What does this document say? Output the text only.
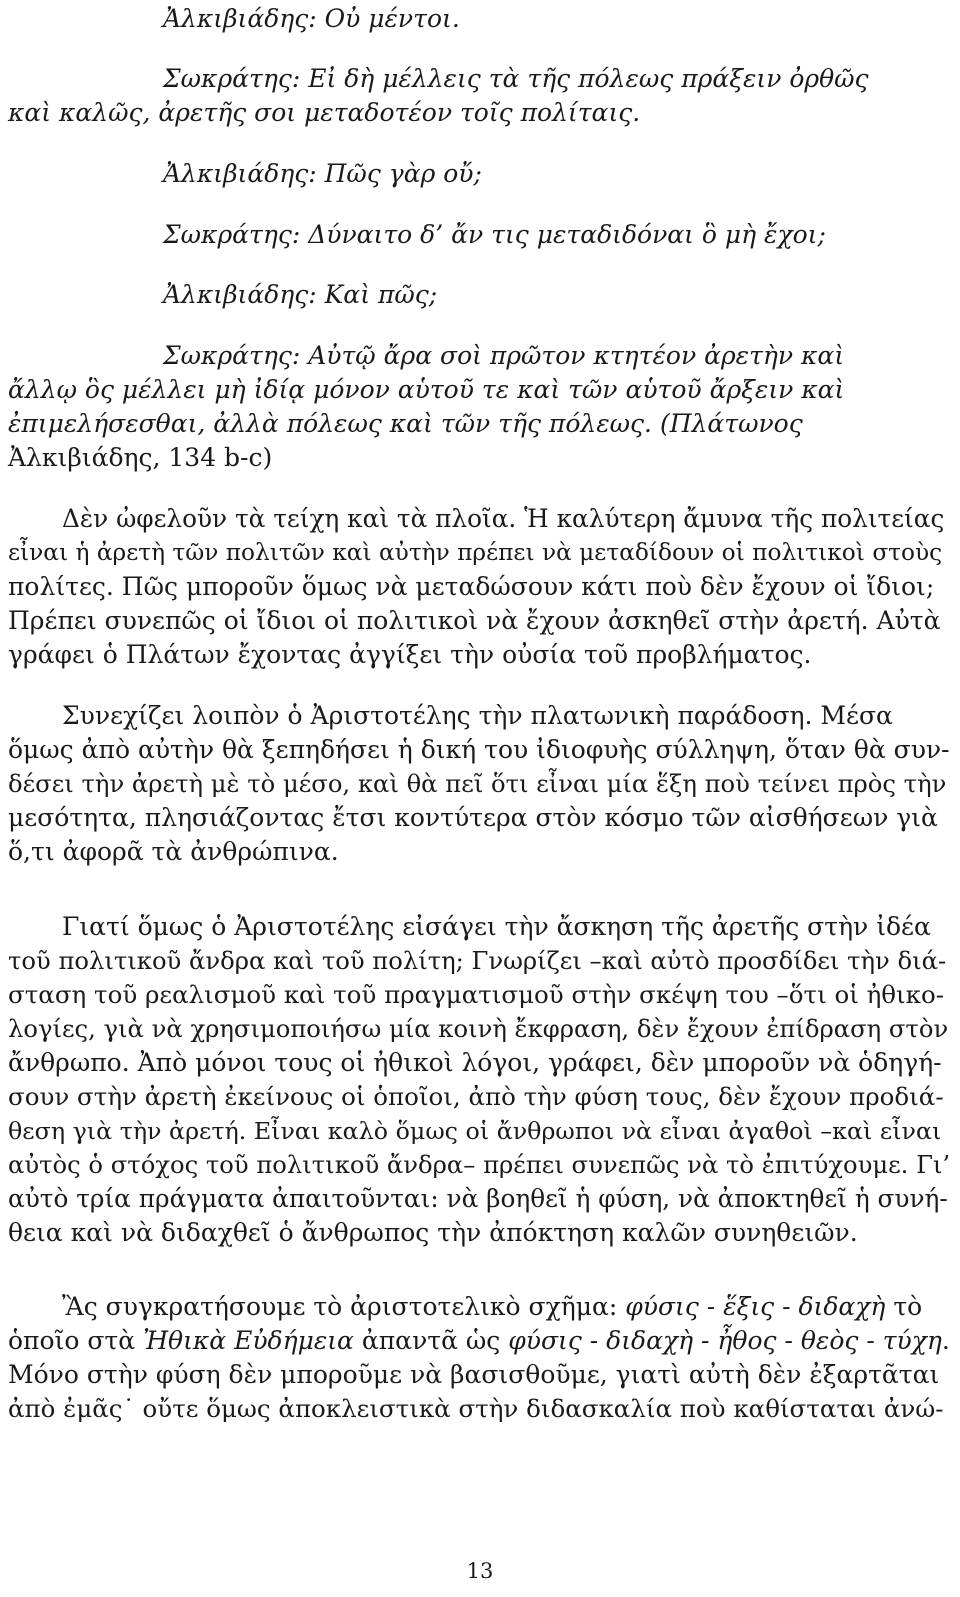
Ἀλκιβιάδης: Οὐ μέντοι.
Σωκράτης: Εἰ δὴ μέλλεις τὰ τῆς πόλεως πράξειν ὀρθῶς
καὶ καλῶς, ἀρετῆς σοι μεταδοτέον τοῖς πολίταις.
Ἀλκιβιάδης: Πῶς γὰρ οὔ;
Σωκράτης: Δύναιτο δ’ ἄν τις μεταδιδόναι ὃ μὴ ἔχοι;
Ἀλκιβιάδης: Καὶ πῶς;
Σωκράτης: Αὐτῷ ἄρα σοὶ πρῶτον κτητέον ἀρετὴν καὶ
ἄλλῳ ὃς μέλλει μὴ ἰδίᾳ μόνον αὑτοῦ τε καὶ τῶν αὑτοῦ ἄρξειν καὶ
ἐπιμελήσεσθαι, ἀλλὰ πόλεως καὶ τῶν τῆς πόλεως. (Πλάτωνος
Ἀλκιβιάδης, 134 b-c)
Δὲν ὠφελοῦν τὰ τείχη καὶ τὰ πλοῖα. Ἡ καλύτερη ἄμυνα τῆς πολιτείας
εἶναι ἡ ἀρετὴ τῶν πολιτῶν καὶ αὐτὴν πρέπει νὰ μεταδίδουν οἱ πολιτικοὶ στοὺς
πολίτες. Πῶς μποροῦν ὅμως νὰ μεταδώσουν κάτι ποὺ δὲν ἔχουν οἱ ἴδιοι;
Πρέπει συνεπῶς οἱ ἴδιοι οἱ πολιτικοὶ νὰ ἔχουν ἀσκηθεῖ στὴν ἀρετή. Αὐτὰ
γράφει ὁ Πλάτων ἔχοντας ἀγγίξει τὴν οὐσία τοῦ προβλήματος.
Συνεχίζει λοιπὸν ὁ Ἀριστοτέλης τὴν πλατωνικὴ παράδοση. Μέσα
ὅμως ἀπὸ αὐτὴν θὰ ξεπηδήσει ἡ δική του ἰδιοφυὴς σύλληψη, ὅταν θὰ συν-
δέσει τὴν ἀρετὴ μὲ τὸ μέσο, καὶ θὰ πεῖ ὅτι εἶναι μία ἕξη ποὺ τείνει πρὸς τὴν
μεσότητα, πλησιάζοντας ἔτσι κοντύτερα στὸν κόσμο τῶν αἰσθήσεων γιὰ
ὅ,τι ἀφορᾶ τὰ ἀνθρώπινα.
Γιατί ὅμως ὁ Ἀριστοτέλης εἰσάγει τὴν ἄσκηση τῆς ἀρετῆς στὴν ἰδέα
τοῦ πολιτικοῦ ἄνδρα καὶ τοῦ πολίτη; Γνωρίζει –καὶ αὐτὸ προσδίδει τὴν διά-
σταση τοῦ ρεαλισμοῦ καὶ τοῦ πραγματισμοῦ στὴν σκέψη του –ὅτι οἱ ἠθικο-
λογίες, γιὰ νὰ χρησιμοποιήσω μία κοινὴ ἔκφραση, δὲν ἔχουν ἐπίδραση στὸν
ἄνθρωπο. Ἀπὸ μόνοι τους οἱ ἠθικοὶ λόγοι, γράφει, δὲν μποροῦν νὰ ὁδηγή-
σουν στὴν ἀρετὴ ἐκείνους οἱ ὁποῖοι, ἀπὸ τὴν φύση τους, δὲν ἔχουν προδιά-
θεση γιὰ τὴν ἀρετή. Εἶναι καλὸ ὅμως οἱ ἄνθρωποι νὰ εἶναι ἀγαθοὶ –καὶ εἶναι
αὐτὸς ὁ στόχος τοῦ πολιτικοῦ ἄνδρα– πρέπει συνεπῶς νὰ τὸ ἐπιτύχουμε. Γι’
αὐτὸ τρία πράγματα ἀπαιτοῦνται: νὰ βοηθεῖ ἡ φύση, νὰ ἀποκτηθεῖ ἡ συνή-
θεια καὶ νὰ διδαχθεῖ ὁ ἄνθρωπος τὴν ἀπόκτηση καλῶν συνηθειῶν.
Ἂς συγκρατήσουμε τὸ ἀριστοτελικὸ σχῆμα: φύσις - ἕξις - διδαχὴ τὸ
ὁποῖο στὰ Ἠθικὰ Εὐδήμεια ἀπαντᾶ ὡς φύσις - διδαχὴ - ἦθος - θεὸς - τύχη.
Μόνο στὴν φύση δὲν μποροῦμε νὰ βασισθοῦμε, γιατὶ αὐτὴ δὲν ἐξαρτᾶται
ἀπὸ ἐμᾶς˙ οὔτε ὅμως ἀποκλειστικὰ στὴν διδασκαλία ποὺ καθίσταται ἀνώ-
13
